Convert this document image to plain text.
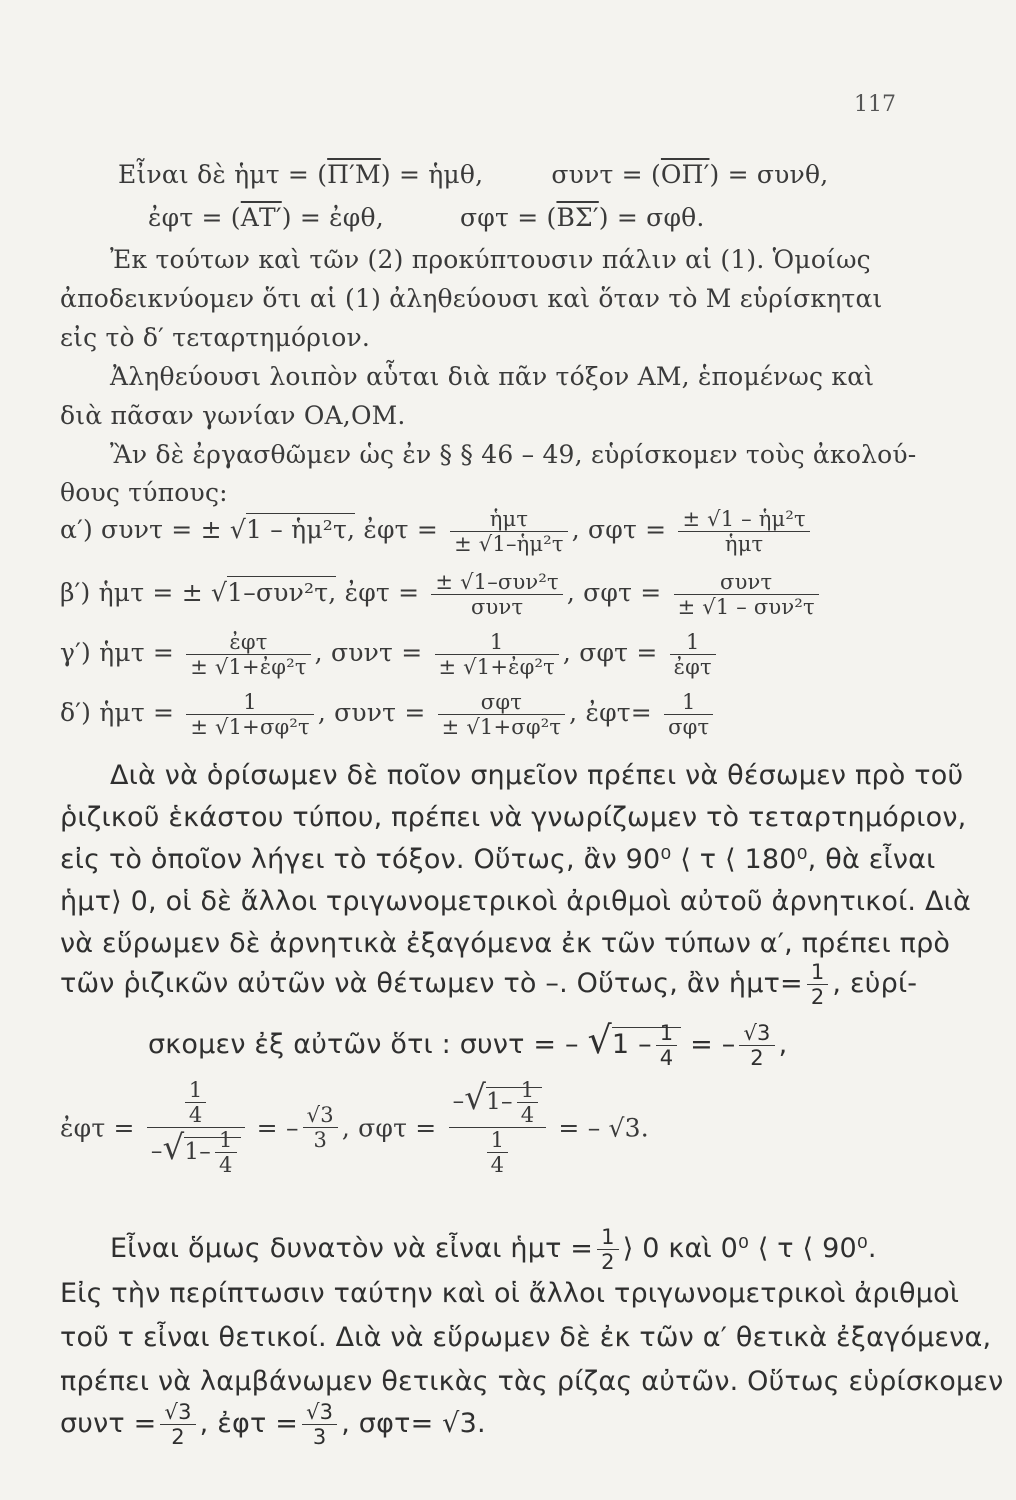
117
Εἶναι δὲ ἡμτ = (Π′Μ) = ἡμθ,	συντ = (ΟΠ′) = συνθ,
ἐφτ = (ΑΤ′) = ἐφθ,	σφτ = (ΒΣ′) = σφθ.
Ἐκ τούτων καὶ τῶν (2) προκύπτουσιν πάλιν αἱ (1). Ὁμοίως
ἀποδεικνύομεν ὅτι αἱ (1) ἀληθεύουσι καὶ ὅταν τὸ Μ εὑρίσκηται
εἰς τὸ δ′ τεταρτημόριον.
Ἀληθεύουσι λοιπὸν αὗται διὰ πᾶν τόξον ΑΜ, ἑπομένως καὶ
διὰ πᾶσαν γωνίαν ΟΑ,ΟΜ.
Ἂν δὲ ἐργασθῶμεν ὡς ἐν § § 46 – 49, εὑρίσκομεν τοὺς ἀκολού-
θους τύπους:
α′) συντ = ± √ 1 – ἡμ²τ, ἐφτ = $\frac{\text{ἡμτ}}{\text{± √1–ἡμ²τ}}$ , $\sigma\varphi\tau = \frac{\text{± √1 – ἡμ²τ}}{\text{ἡμτ}}$
β′) ἡμτ = ± √ 1–συν²τ, ἐφτ = $\frac{\text{± √1–συν²τ}}{\text{συντ}}$ , $\sigma\varphi\tau = \frac{\text{συντ}}{\text{± √1 – συν²τ}}$
γ′) ἡμτ = $\frac{\text{ἐφτ}}{\text{± √1+ἐφ²τ}}$ , $\sigma\upsilon\nu\tau = \frac{1}{\text{± √1+ἐφ²τ}}$ , $\sigma\varphi\tau = \frac{1}{\text{ἐφτ}}$
δ′) ἡμτ = $\frac{1}{\text{± √1+σφ²τ}}$ , $\sigma\upsilon\nu\tau = \frac{\text{σφτ}}{\text{± √1+σφ²τ}}$ , ἐφτ= $\frac{1}{\text{σφτ}}$
Διὰ νὰ ὁρίσωμεν δὲ ποῖον σημεῖον πρέπει νὰ θέσωμεν πρὸ τοῦ
ῥιζικοῦ ἑκάστου τύπου, πρέπει νὰ γνωρίζωμεν τὸ τεταρτημόριον,
εἰς τὸ ὁποῖον λήγει τὸ τόξον. Οὕτως, ἂν 90⁰ ⟨ τ ⟨ 180⁰, θὰ εἶναι
ἡμτ⟩ 0, οἱ δὲ ἄλλοι τριγωνομετρικοὶ ἀριθμοὶ αὐτοῦ ἀρνητικοί. Διὰ
νὰ εὕρωμεν δὲ ἀρνητικὰ ἐξαγόμενα ἐκ τῶν τύπων α′, πρέπει πρὸ
τῶν ῥιζικῶν αὐτῶν νὰ θέτωμεν τὸ –. Οὕτως, ἂν ἡμτ= $\frac{1}{2}$ , εὑρί-
σκομεν ἐξ αὐτῶν ὅτι : συντ = – √ $1 - \frac{1}{4}$ = – $\frac{√3}{2}$ ,
ἐφτ = $\frac{\frac{1}{4}}{- √ 1- \frac{1}{4}}$ = – $\frac{√3}{3}$ , $\sigma\varphi\tau = \frac{- √ 1- \frac{1}{4}}{\frac{1}{4}}$ = – √3.
Εἶναι ὅμως δυνατὸν νὰ εἶναι ἡμτ = $\frac{1}{2}$ ⟩ 0 καὶ 0⁰ ⟨ τ ⟨ 90⁰.
Εἰς τὴν περίπτωσιν ταύτην καὶ οἱ ἄλλοι τριγωνομετρικοὶ ἀριθμοὶ
τοῦ τ εἶναι θετικοί. Διὰ νὰ εὕρωμεν δὲ ἐκ τῶν α′ θετικὰ ἐξαγόμενα,
πρέπει νὰ λαμβάνωμεν θετικὰς τὰς ρίζας αὐτῶν. Οὕτως εὑρίσκομεν
$\sigma\upsilon\nu\tau = \frac{√3}{2}$ , ἐφτ = $\frac{√3}{3}$ , σφτ= √3.
